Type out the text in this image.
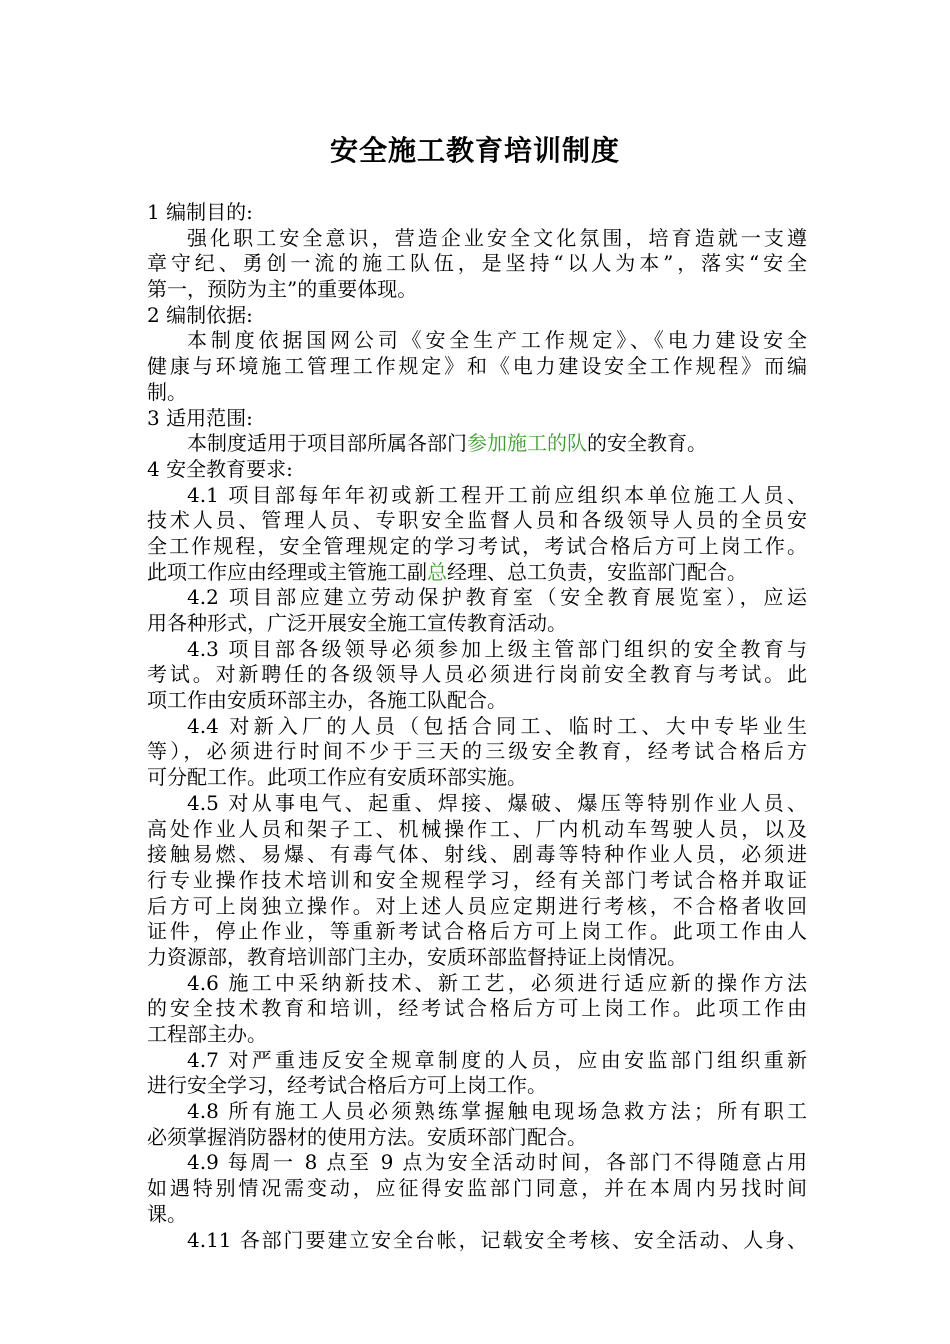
安全施工教育培训制度
1 编制目的:
强化职工安全意识，营造企业安全文化氛围，培育造就一支遵
章守纪、勇创一流的施工队伍，是坚持“以人为本”，落实“安全
第一，预防为主”的重要体现。
2 编制依据:
本制度依据国网公司《安全生产工作规定》、《电力建设安全
健康与环境施工管理工作规定》和《电力建设安全工作规程》而编
制。
3 适用范围:
本制度适用于项目部所属各部门参加施工的队的安全教育。
4 安全教育要求:
4.1 项目部每年年初或新工程开工前应组织本单位施工人员、
技术人员、管理人员、专职安全监督人员和各级领导人员的全员安
全工作规程，安全管理规定的学习考试，考试合格后方可上岗工作。
此项工作应由经理或主管施工副总经理、总工负责，安监部门配合。
4.2 项目部应建立劳动保护教育室（安全教育展览室），应运
用各种形式，广泛开展安全施工宣传教育活动。
4.3 项目部各级领导必须参加上级主管部门组织的安全教育与
考试。对新聘任的各级领导人员必须进行岗前安全教育与考试。此
项工作由安质环部主办，各施工队配合。
4.4 对新入厂的人员（包括合同工、临时工、大中专毕业生
等），必须进行时间不少于三天的三级安全教育，经考试合格后方
可分配工作。此项工作应有安质环部实施。
4.5 对从事电气、起重、焊接、爆破、爆压等特别作业人员、
高处作业人员和架子工、机械操作工、厂内机动车驾驶人员，以及
接触易燃、易爆、有毒气体、射线、剧毒等特种作业人员，必须进
行专业操作技术培训和安全规程学习，经有关部门考试合格并取证
后方可上岗独立操作。对上述人员应定期进行考核，不合格者收回
证件，停止作业，等重新考试合格后方可上岗工作。此项工作由人
力资源部，教育培训部门主办，安质环部监督持证上岗情况。
4.6 施工中采纳新技术、新工艺，必须进行适应新的操作方法
的安全技术教育和培训，经考试合格后方可上岗工作。此项工作由
工程部主办。
4.7 对严重违反安全规章制度的人员，应由安监部门组织重新
进行安全学习，经考试合格后方可上岗工作。
4.8 所有施工人员必须熟练掌握触电现场急救方法；所有职工
必须掌握消防器材的使用方法。安质环部门配合。
4.9 每周一 8 点至 9 点为安全活动时间，各部门不得随意占用
如遇特别情况需变动，应征得安监部门同意，并在本周内另找时间
课。
4.11 各部门要建立安全台帐，记载安全考核、安全活动、人身、
